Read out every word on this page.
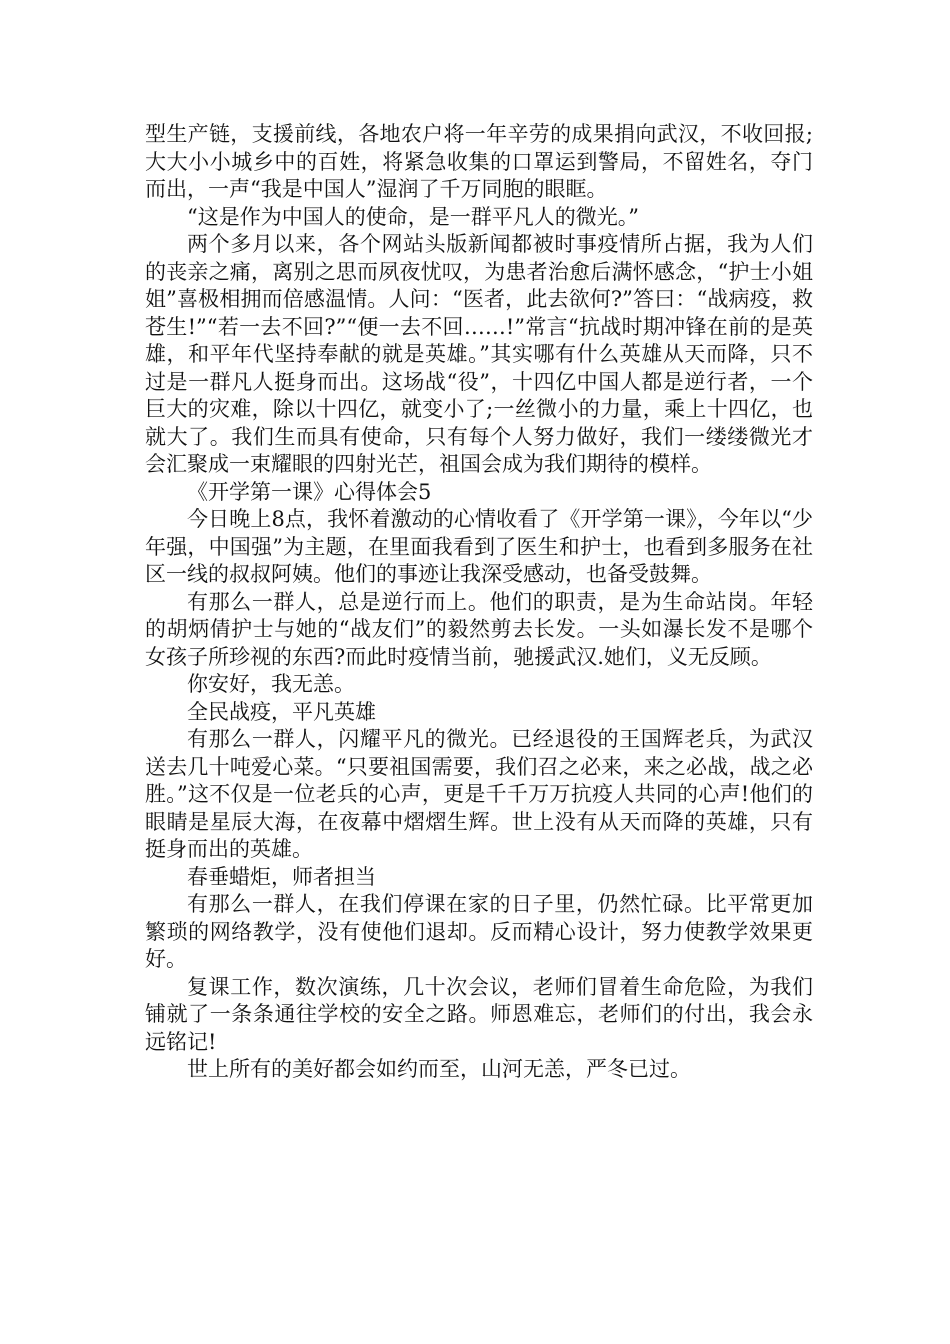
型生产链，支援前线，各地农户将一年辛劳的成果捐向武汉，不收回报;大大小小城乡中的百姓，将紧急收集的口罩运到警局，不留姓名，夺门而出，一声“我是中国人”湿润了千万同胞的眼眶。

“这是作为中国人的使命，是一群平凡人的微光。”

两个多月以来，各个网站头版新闻都被时事疫情所占据，我为人们的丧亲之痛，离别之思而夙夜忧叹，为患者治愈后满怀感念，“护士小姐姐”喜极相拥而倍感温情。人问：“医者，此去欲何?”答曰：“战病疫，救苍生!”“若一去不回?”“便一去不回……!”常言“抗战时期冲锋在前的是英雄，和平年代坚持奉献的就是英雄。”其实哪有什么英雄从天而降，只不过是一群凡人挺身而出。这场战“役”，十四亿中国人都是逆行者，一个巨大的灾难，除以十四亿，就变小了;一丝微小的力量，乘上十四亿，也就大了。我们生而具有使命，只有每个人努力做好，我们一缕缕微光才会汇聚成一束耀眼的四射光芒，祖国会成为我们期待的模样。

《开学第一课》心得体会5

今日晚上8点，我怀着激动的心情收看了《开学第一课》，今年以“少年强，中国强”为主题，在里面我看到了医生和护士，也看到多服务在社区一线的叔叔阿姨。他们的事迹让我深受感动，也备受鼓舞。

有那么一群人，总是逆行而上。他们的职责，是为生命站岗。年轻的胡炳倩护士与她的“战友们”的毅然剪去长发。一头如瀑长发不是哪个女孩子所珍视的东西?而此时疫情当前，驰援武汉.她们，义无反顾。

你安好，我无恙。

全民战疫，平凡英雄

有那么一群人，闪耀平凡的微光。已经退役的王国辉老兵，为武汉送去几十吨爱心菜。“只要祖国需要，我们召之必来，来之必战，战之必胜。”这不仅是一位老兵的心声，更是千千万万抗疫人共同的心声!他们的眼睛是星辰大海，在夜幕中熠熠生辉。世上没有从天而降的英雄，只有挺身而出的英雄。

春垂蜡炬，师者担当

有那么一群人，在我们停课在家的日子里，仍然忙碌。比平常更加繁琐的网络教学，没有使他们退却。反而精心设计，努力使教学效果更好。

复课工作，数次演练，几十次会议，老师们冒着生命危险，为我们铺就了一条条通往学校的安全之路。师恩难忘，老师们的付出，我会永远铭记!

世上所有的美好都会如约而至，山河无恙，严冬已过。
